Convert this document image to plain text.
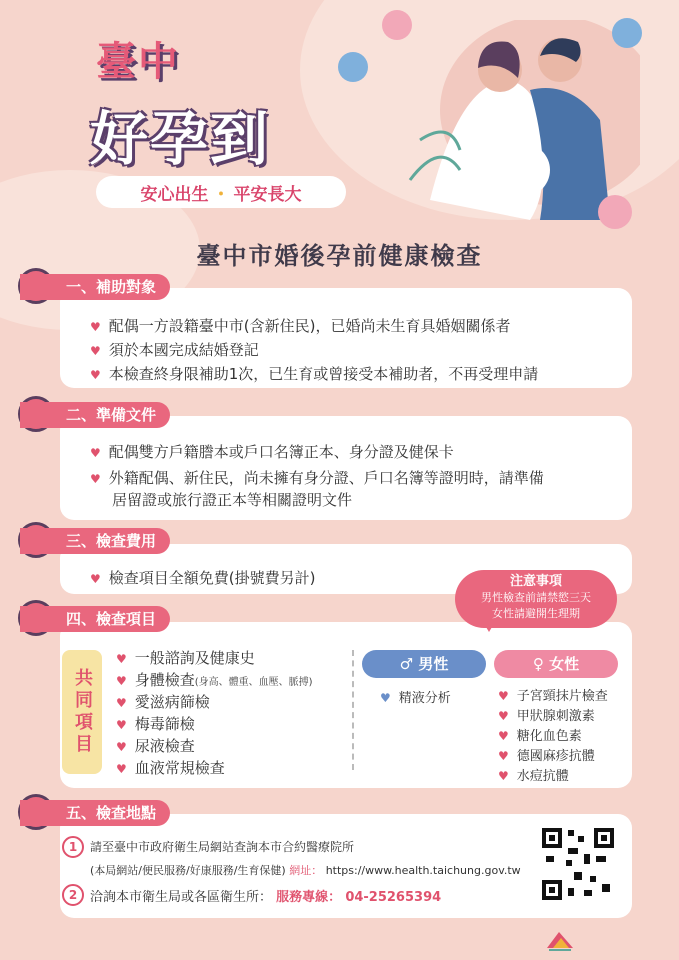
臺中
好孕到
安心出生 ・ 平安長大
臺中市婚後孕前健康檢查
一、補助對象
♥ 配偶一方設籍臺中市(含新住民)，已婚尚未生育具婚姻關係者
♥ 須於本國完成結婚登記
♥ 本檢查終身限補助1次，已生育或曾接受本補助者，不再受理申請
二、準備文件
♥ 配偶雙方戶籍謄本或戶口名簿正本、身分證及健保卡
♥ 外籍配偶、新住民，尚未擁有身分證、戶口名簿等證明時，請準備
居留證或旅行證正本等相關證明文件
三、檢查費用
♥ 檢查項目全額免費(掛號費另計)
四、檢查項目
共同項目
♥ 一般諮詢及健康史
♥ 身體檢查(身高、體重、血壓、脈搏)
♥ 愛滋病篩檢
♥ 梅毒篩檢
♥ 尿液檢查
♥ 血液常規檢查
♂ 男性	♀ 女性
♥ 精液分析	♥ 子宮頸抹片檢查
♥ 甲狀腺刺激素
♥ 糖化血色素
♥ 德國麻疹抗體
♥ 水痘抗體
注意事項
男性檢查前請禁慾三天
女性請避開生理期
五、檢查地點
1	請至臺中市政府衛生局網站查詢本市合約醫療院所
(本局網站/便民服務/好康服務/生育保健) 網址： https://www.health.taichung.gov.tw
2 洽詢本市衛生局或各區衛生所： 服務專線： 04-25265394
